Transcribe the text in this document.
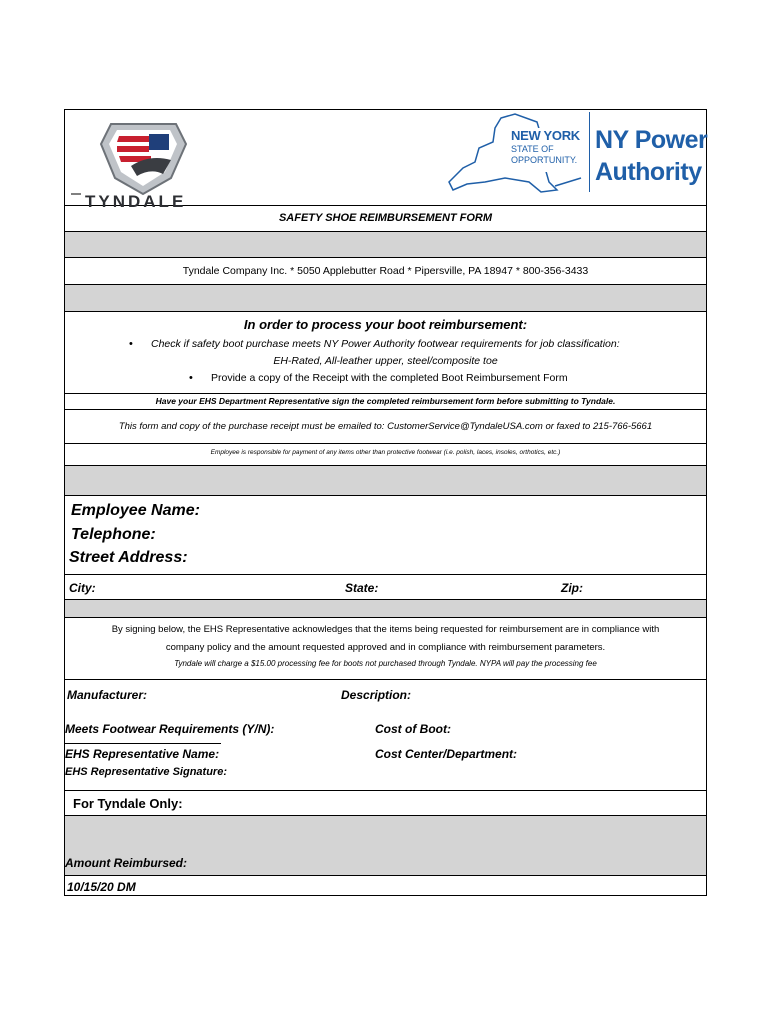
TYNDALE
NEW YORK
STATE OF
OPPORTUNITY.
NY Power
Authority
SAFETY SHOE REIMBURSEMENT FORM
Tyndale Company Inc. * 5050 Applebutter Road * Pipersville, PA 18947 * 800-356-3433
In order to process your boot reimbursement:
• Check if safety boot purchase meets NY Power Authority footwear requirements for job classification:
EH-Rated, All-leather upper, steel/composite toe
• Provide a copy of the Receipt with the completed Boot Reimbursement Form
Have your EHS Department Representative sign the completed reimbursement form before submitting to Tyndale.
This form and copy of the purchase receipt must be emailed to: CustomerService@TyndaleUSA.com or faxed to 215-766-5661
Employee is responsible for payment of any items other than protective footwear (i.e. polish, laces, insoles, orthotics, etc.)
Employee Name:
Telephone:
Street Address:
City:	State:	Zip:
By signing below, the EHS Representative acknowledges that the items being requested for reimbursement are in compliance with
company policy and the amount requested approved and in compliance with reimbursement parameters.
Tyndale will charge a $15.00 processing fee for boots not purchased through Tyndale. NYPA will pay the processing fee
Manufacturer:	Description:
Meets Footwear Requirements (Y/N):	Cost of Boot:
EHS Representative Name:	Cost Center/Department:
EHS Representative Signature:
For Tyndale Only:
Amount Reimbursed:
10/15/20 DM
